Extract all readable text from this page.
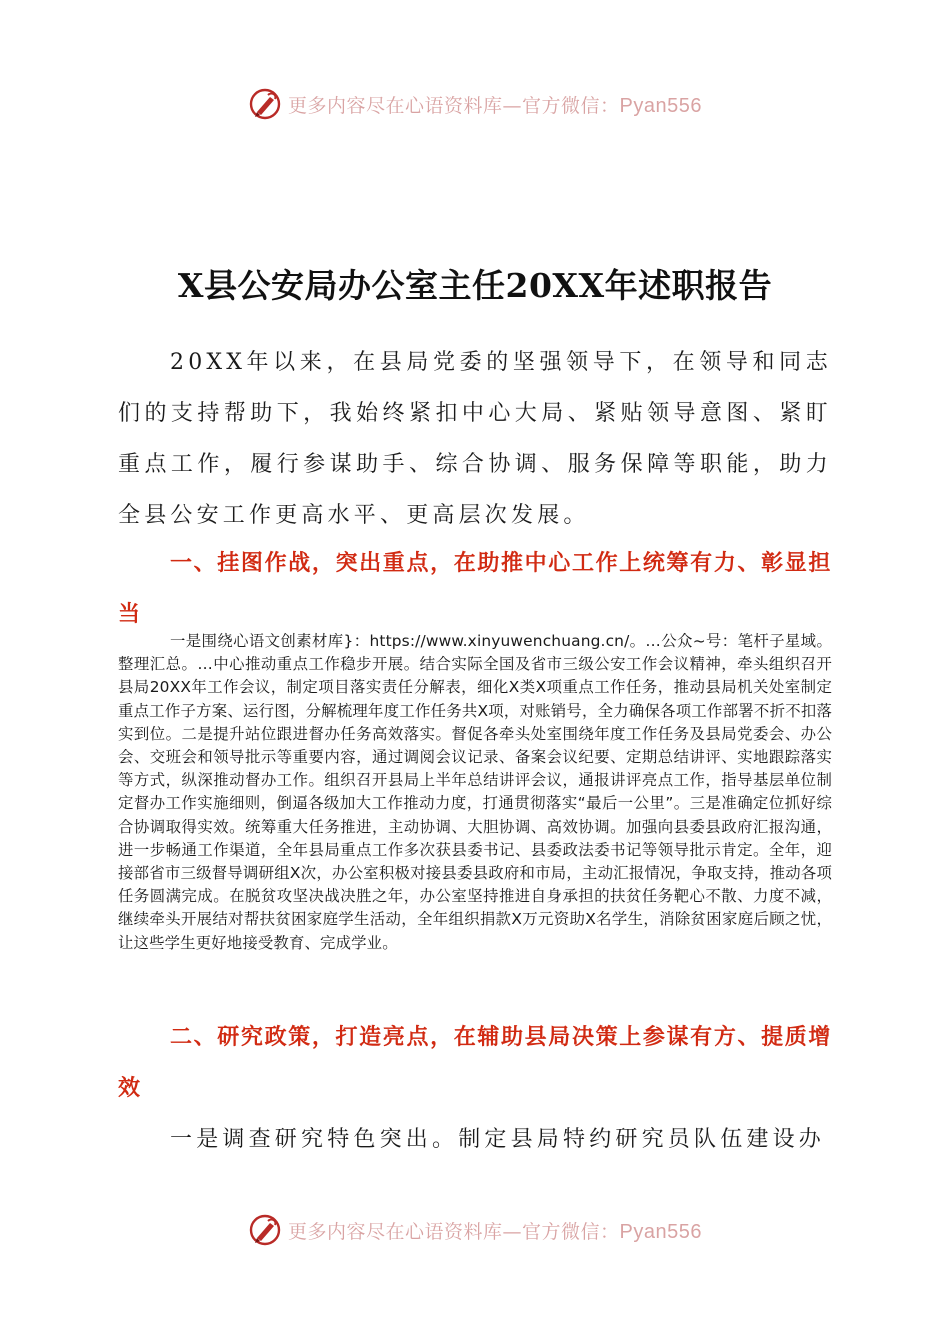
更多内容尽在心语资料库—官方微信：Pyan556
X县公安局办公室主任20XX年述职报告

20XX年以来，在县局党委的坚强领导下，在领导和同志们的支持帮助下，我始终紧扣中心大局、紧贴领导意图、紧盯重点工作，履行参谋助手、综合协调、服务保障等职能，助力全县公安工作更高水平、更高层次发展。

一、挂图作战，突出重点，在助推中心工作上统筹有力、彰显担当

一是围绕心语文创素材库}：https://www.xinyuwenchuang.cn/。…公众~号：笔杆子星域。整理汇总。…中心推动重点工作稳步开展。结合实际全国及省市三级公安工作会议精神，牵头组织召开县局20XX年工作会议，制定项目落实责任分解表，细化X类X项重点工作任务，推动县局机关处室制定重点工作子方案、运行图，分解梳理年度工作任务共X项，对账销号，全力确保各项工作部署不折不扣落实到位。二是提升站位跟进督办任务高效落实。督促各牵头处室围绕年度工作任务及县局党委会、办公会、交班会和领导批示等重要内容，通过调阅会议记录、备案会议纪要、定期总结讲评、实地跟踪落实等方式，纵深推动督办工作。组织召开县局上半年总结讲评会议，通报讲评亮点工作，指导基层单位制定督办工作实施细则，倒逼各级加大工作推动力度，打通贯彻落实“最后一公里”。三是准确定位抓好综合协调取得实效。统筹重大任务推进，主动协调、大胆协调、高效协调。加强向县委县政府汇报沟通，进一步畅通工作渠道，全年县局重点工作多次获县委书记、县委政法委书记等领导批示肯定。全年，迎接部省市三级督导调研组X次，办公室积极对接县委县政府和市局，主动汇报情况，争取支持，推动各项任务圆满完成。在脱贫攻坚决战决胜之年，办公室坚持推进自身承担的扶贫任务靶心不散、力度不减，继续牵头开展结对帮扶贫困家庭学生活动，全年组织捐款X万元资助X名学生，消除贫困家庭后顾之忧，让这些学生更好地接受教育、完成学业。

二、研究政策，打造亮点，在辅助县局决策上参谋有方、提质增效

一是调查研究特色突出。制定县局特约研究员队伍建设办

更多内容尽在心语资料库—官方微信：Pyan556
